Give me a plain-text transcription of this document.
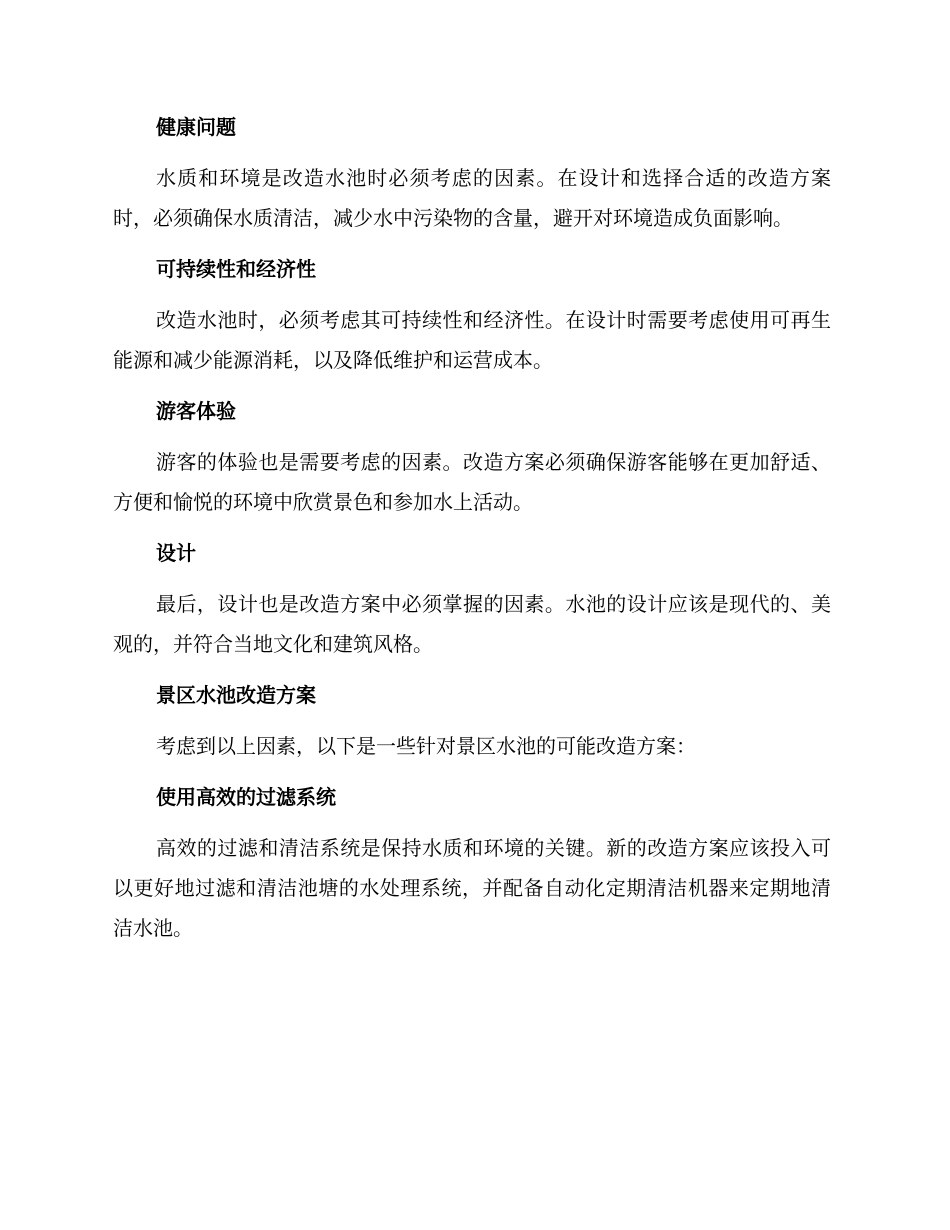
健康问题

水质和环境是改造水池时必须考虑的因素。在设计和选择合适的改造方案时，必须确保水质清洁，减少水中污染物的含量，避开对环境造成负面影响。

可持续性和经济性

改造水池时，必须考虑其可持续性和经济性。在设计时需要考虑使用可再生能源和减少能源消耗，以及降低维护和运营成本。

游客体验

游客的体验也是需要考虑的因素。改造方案必须确保游客能够在更加舒适、方便和愉悦的环境中欣赏景色和参加水上活动。

设计

最后，设计也是改造方案中必须掌握的因素。水池的设计应该是现代的、美观的，并符合当地文化和建筑风格。

景区水池改造方案

考虑到以上因素，以下是一些针对景区水池的可能改造方案：

使用高效的过滤系统

高效的过滤和清洁系统是保持水质和环境的关键。新的改造方案应该投入可以更好地过滤和清洁池塘的水处理系统，并配备自动化定期清洁机器来定期地清洁水池。
